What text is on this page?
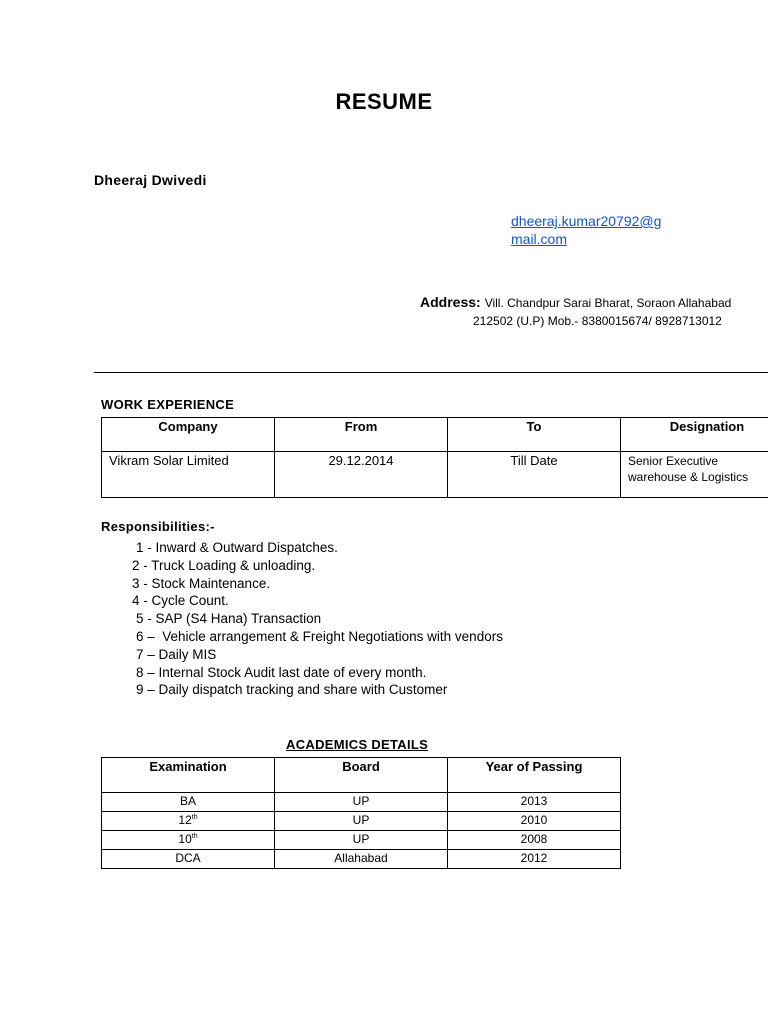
RESUME
Dheeraj Dwivedi
dheeraj.kumar20792@g
mail.com
Address: Vill. Chandpur Sarai Bharat, Soraon Allahabad
212502 (U.P) Mob.- 8380015674/ 8928713012
WORK EXPERIENCE
Company	From	To	Designation
Vikram Solar Limited	29.12.2014	Till Date	Senior Executive
warehouse & Logistics
Responsibilities:-
1 - Inward & Outward Dispatches.
2 - Truck Loading & unloading.
3 - Stock Maintenance.
4 - Cycle Count.
5 - SAP (S4 Hana) Transaction
6 –  Vehicle arrangement & Freight Negotiations with vendors
7 – Daily MIS
8 – Internal Stock Audit last date of every month.
9 – Daily dispatch tracking and share with Customer
ACADEMICS DETAILS
Examination	Board	Year of Passing
BA	UP	2013
12th	UP	2010
10th	UP	2008
DCA	Allahabad	2012
